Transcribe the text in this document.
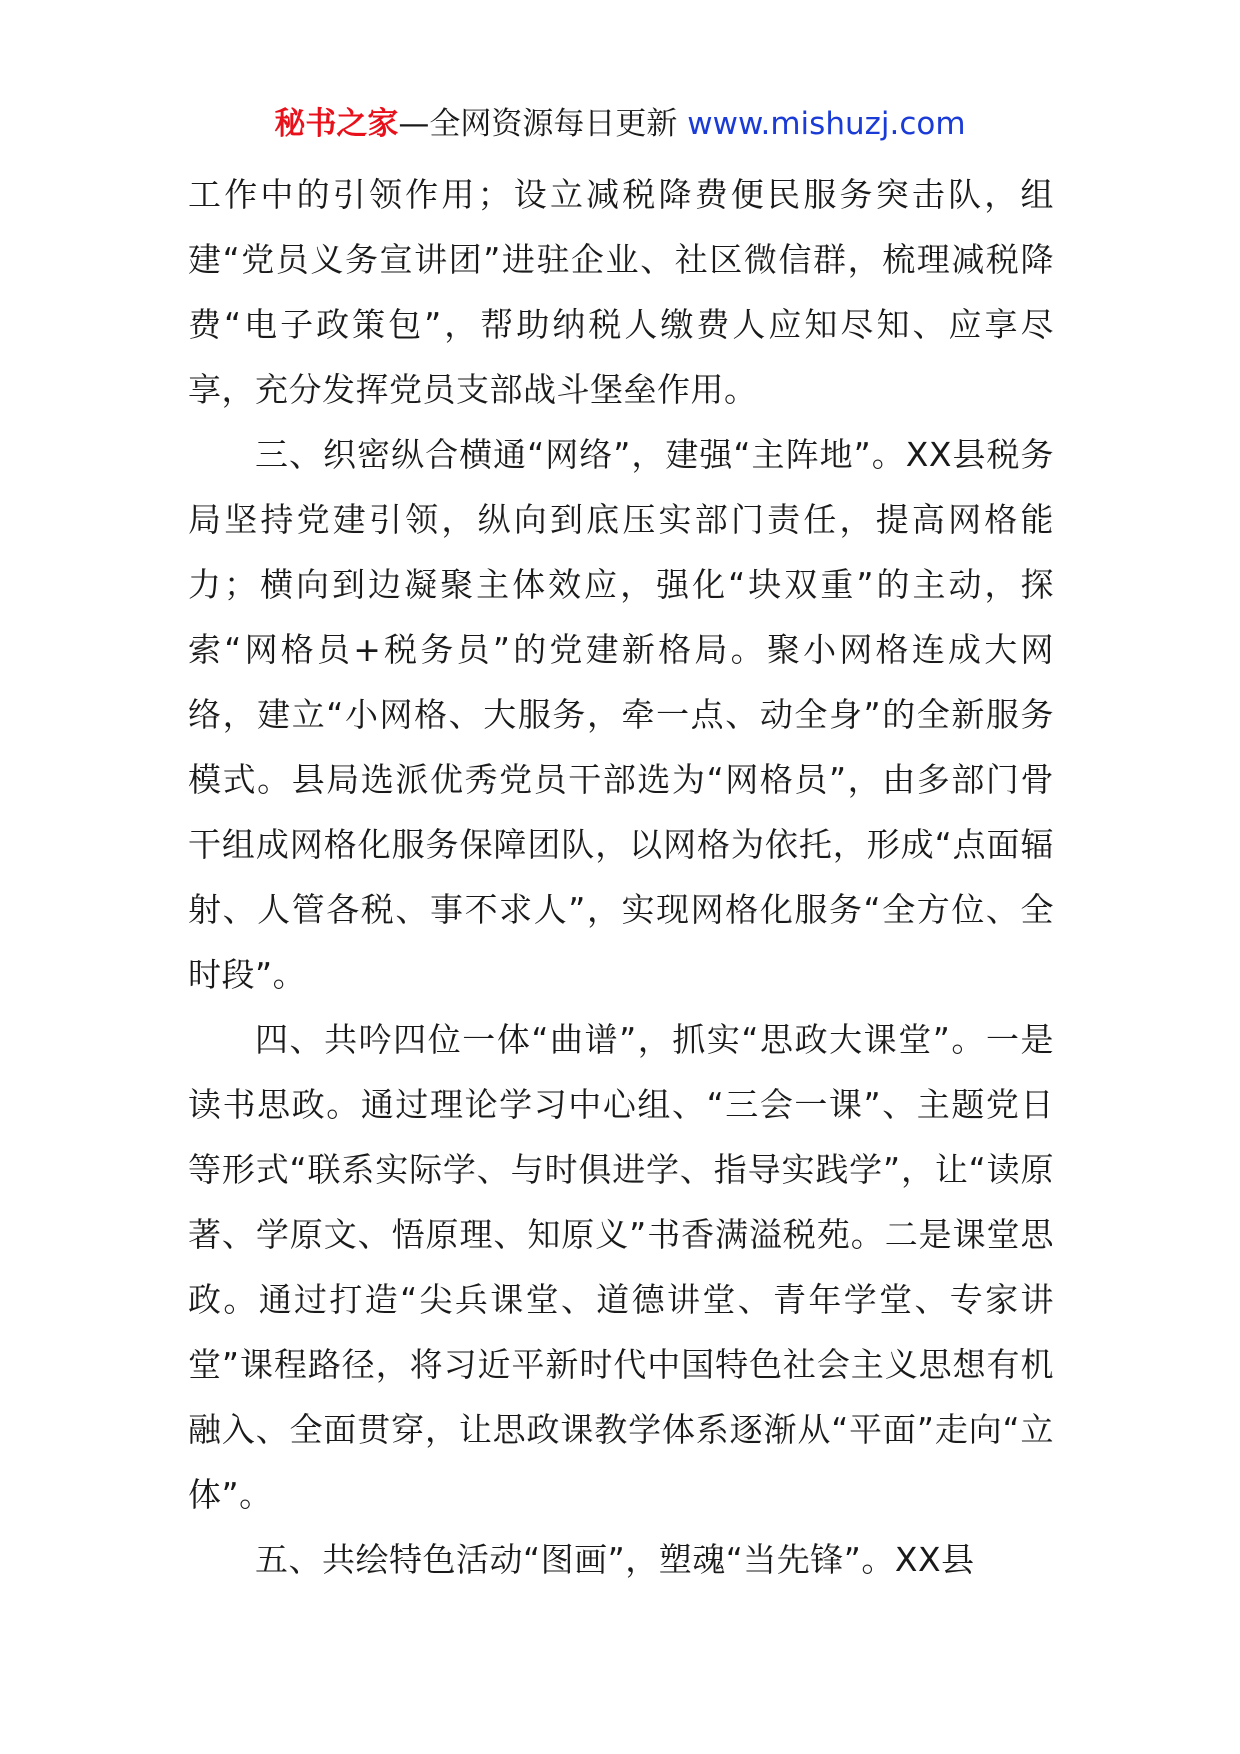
秘书之家—全网资源每日更新 www.mishuzj.com

工作中的引领作用；设立减税降费便民服务突击队，组建“党员义务宣讲团”进驻企业、社区微信群，梳理减税降费“电子政策包”，帮助纳税人缴费人应知尽知、应享尽享，充分发挥党员支部战斗堡垒作用。

三、织密纵合横通“网络”，建强“主阵地”。XX县税务局坚持党建引领，纵向到底压实部门责任，提高网格能力；横向到边凝聚主体效应，强化“块双重”的主动，探索“网格员+税务员”的党建新格局。聚小网格连成大网络，建立“小网格、大服务，牵一点、动全身”的全新服务模式。县局选派优秀党员干部选为“网格员”，由多部门骨干组成网格化服务保障团队，以网格为依托，形成“点面辐射、人管各税、事不求人”，实现网格化服务“全方位、全时段”。

四、共吟四位一体“曲谱”，抓实“思政大课堂”。一是读书思政。通过理论学习中心组、“三会一课”、主题党日等形式“联系实际学、与时俱进学、指导实践学”，让“读原著、学原文、悟原理、知原义”书香满溢税苑。二是课堂思政。通过打造“尖兵课堂、道德讲堂、青年学堂、专家讲堂”课程路径，将习近平新时代中国特色社会主义思想有机融入、全面贯穿，让思政课教学体系逐渐从“平面”走向“立体”。

五、共绘特色活动“图画”，塑魂“当先锋”。XX县
